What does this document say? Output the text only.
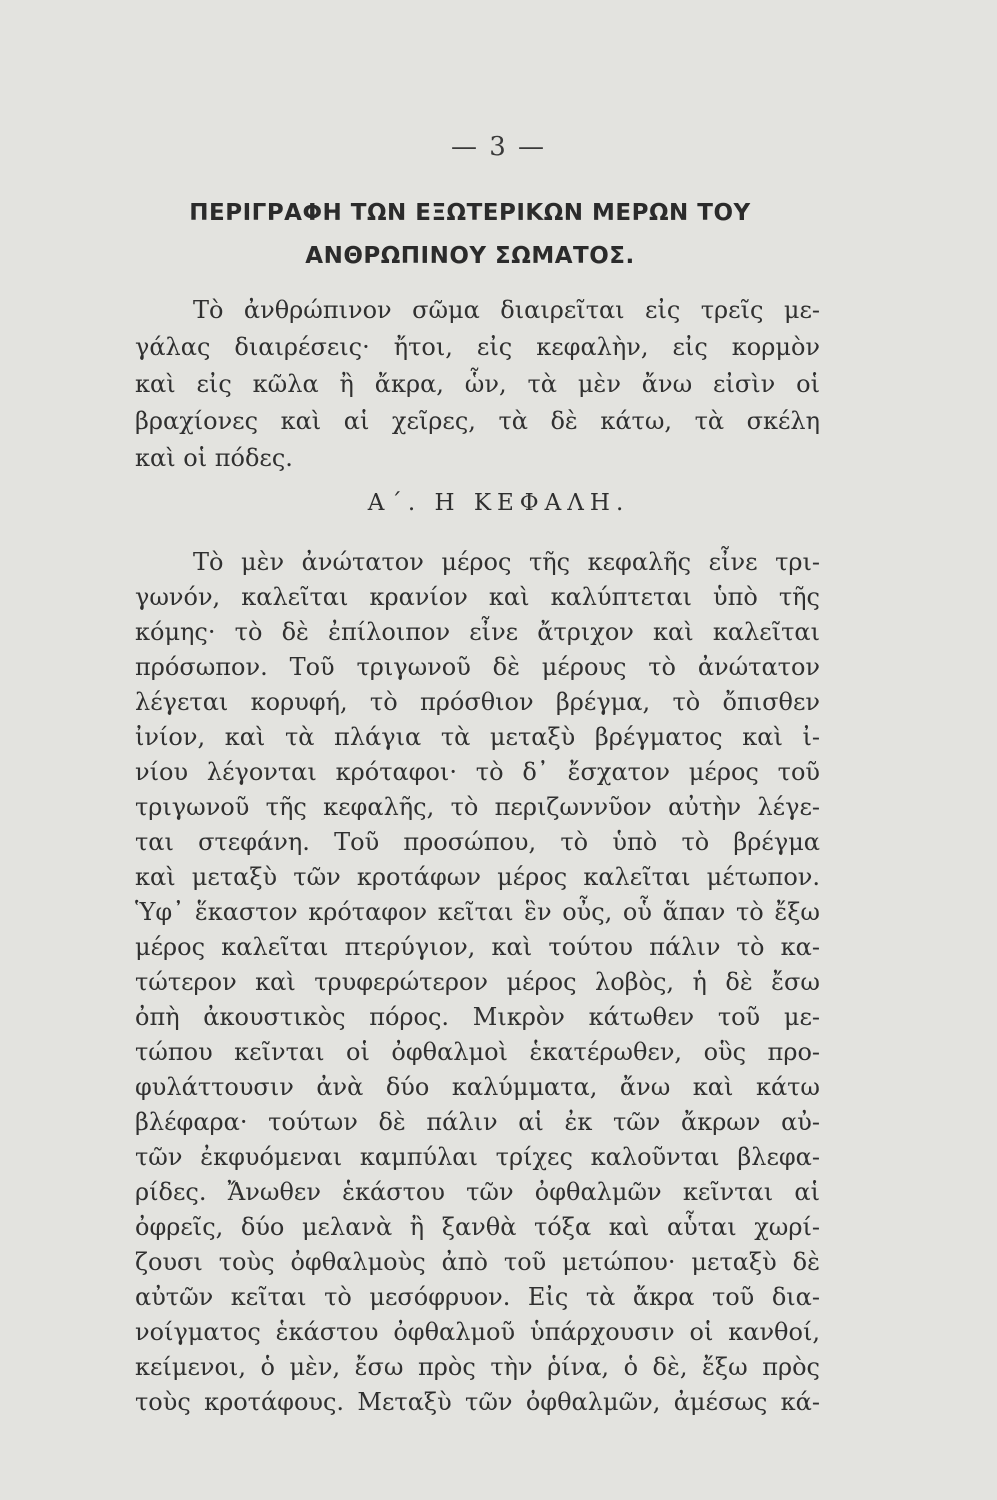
— 3 —
ΠΕΡΙΓΡΑΦΗ ΤΩΝ ΕΞΩΤΕΡΙΚΩΝ ΜΕΡΩΝ ΤΟΥ
ΑΝΘΡΩΠΙΝΟΥ ΣΩΜΑΤΟΣ.
Τὸ ἀνθρώπινον σῶμα διαιρεῖται εἰς τρεῖς με-
γάλας διαιρέσεις· ἤτοι, εἰς κεφαλὴν, εἰς κορμὸν
καὶ εἰς κῶλα ἢ ἄκρα, ὧν, τὰ μὲν ἄνω εἰσὶν οἱ
βραχίονες καὶ αἱ χεῖρες, τὰ δὲ κάτω, τὰ σκέλη
καὶ οἱ πόδες.
Α΄. Η ΚΕΦΑΛΗ.
Τὸ μὲν ἀνώτατον μέρος τῆς κεφαλῆς εἶνε τρι-
γωνόν, καλεῖται κρανίον καὶ καλύπτεται ὑπὸ τῆς
κόμης· τὸ δὲ ἐπίλοιπον εἶνε ἄτριχον καὶ καλεῖται
πρόσωπον. Τοῦ τριγωνοῦ δὲ μέρους τὸ ἀνώτατον
λέγεται κορυφή, τὸ πρόσθιον βρέγμα, τὸ ὄπισθεν
ἰνίον, καὶ τὰ πλάγια τὰ μεταξὺ βρέγματος καὶ ἰ-
νίου λέγονται κρόταφοι· τὸ δ᾽ ἔσχατον μέρος τοῦ
τριγωνοῦ τῆς κεφαλῆς, τὸ περιζωννῦον αὐτὴν λέγε-
ται στεφάνη. Τοῦ προσώπου, τὸ ὑπὸ τὸ βρέγμα
καὶ μεταξὺ τῶν κροτάφων μέρος καλεῖται μέτωπον.
Ὑφ᾽ ἕκαστον κρόταφον κεῖται ἓν οὖς, οὗ ἅπαν τὸ ἔξω
μέρος καλεῖται πτερύγιον, καὶ τούτου πάλιν τὸ κα-
τώτερον καὶ τρυφερώτερον μέρος λοβὸς, ἡ δὲ ἔσω
ὀπὴ ἀκουστικὸς πόρος. Μικρὸν κάτωθεν τοῦ με-
τώπου κεῖνται οἱ ὀφθαλμοὶ ἑκατέρωθεν, οὓς προ-
φυλάττουσιν ἀνὰ δύο καλύμματα, ἄνω καὶ κάτω
βλέφαρα· τούτων δὲ πάλιν αἱ ἐκ τῶν ἄκρων αὐ-
τῶν ἐκφυόμεναι καμπύλαι τρίχες καλοῦνται βλεφα-
ρίδες. Ἄνωθεν ἑκάστου τῶν ὀφθαλμῶν κεῖνται αἱ
ὀφρεῖς, δύο μελανὰ ἢ ξανθὰ τόξα καὶ αὗται χωρί-
ζουσι τοὺς ὀφθαλμοὺς ἀπὸ τοῦ μετώπου· μεταξὺ δὲ
αὐτῶν κεῖται τὸ μεσόφρυον. Εἰς τὰ ἄκρα τοῦ δια-
νοίγματος ἑκάστου ὀφθαλμοῦ ὑπάρχουσιν οἱ κανθοί,
κείμενοι, ὁ μὲν, ἔσω πρὸς τὴν ῥίνα, ὁ δὲ, ἔξω πρὸς
τοὺς κροτάφους. Μεταξὺ τῶν ὀφθαλμῶν, ἀμέσως κά-
